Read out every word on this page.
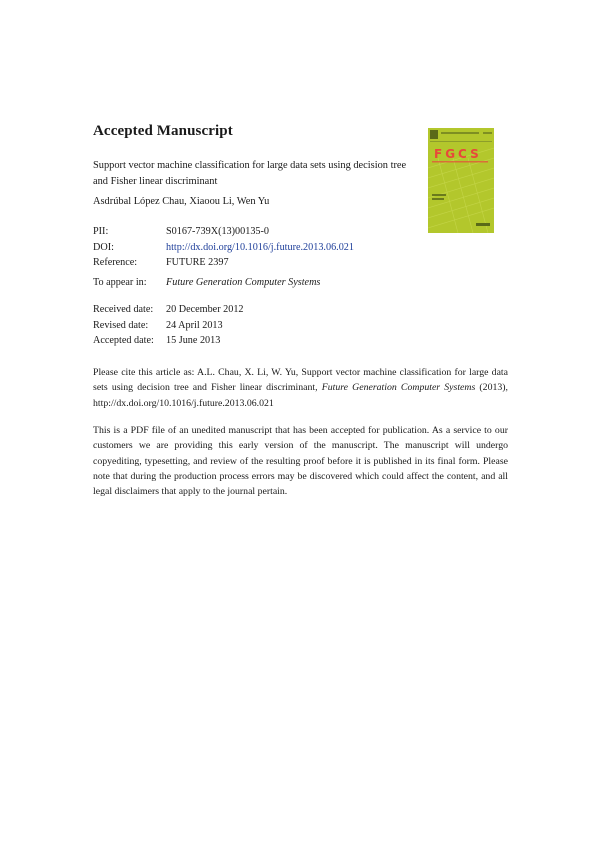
Accepted Manuscript
Support vector machine classification for large data sets using decision tree and Fisher linear discriminant
Asdrúbal López Chau, Xiaoou Li, Wen Yu
PII:	S0167-739X(13)00135-0
DOI:	http://dx.doi.org/10.1016/j.future.2013.06.021
Reference:	FUTURE 2397
To appear in:	Future Generation Computer Systems
Received date:	20 December 2012
Revised date:	24 April 2013
Accepted date:	15 June 2013
Please cite this article as: A.L. Chau, X. Li, W. Yu, Support vector machine classification for large data sets using decision tree and Fisher linear discriminant, Future Generation Computer Systems (2013), http://dx.doi.org/10.1016/j.future.2013.06.021
This is a PDF file of an unedited manuscript that has been accepted for publication. As a service to our customers we are providing this early version of the manuscript. The manuscript will undergo copyediting, typesetting, and review of the resulting proof before it is published in its final form. Please note that during the production process errors may be discovered which could affect the content, and all legal disclaimers that apply to the journal pertain.
FGCS
